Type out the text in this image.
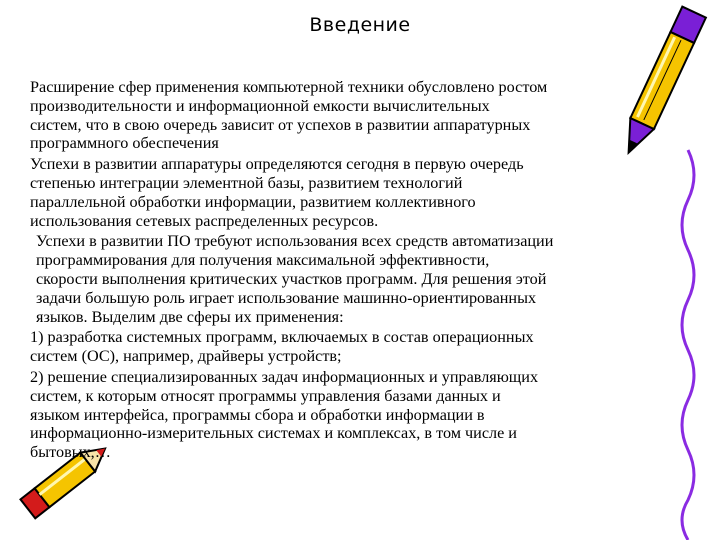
Введение

Расширение сфер применения компьютерной техники обусловлено ростом
производительности и информационной емкости вычислительных
систем, что в свою очередь зависит от успехов в развитии аппаратурных
программного обеспечения

Успехи в развитии аппаратуры определяются сегодня в первую очередь
степенью интеграции элементной базы, развитием технологий
параллельной обработки информации, развитием коллективного
использования сетевых распределенных ресурсов.

Успехи в развитии ПО требуют использования всех средств автоматизации
программирования для получения максимальной эффективности,
скорости выполнения критических участков программ. Для решения этой
задачи большую роль играет использование машинно-ориентированных
языков. Выделим две сферы их применения:

1) разработка системных программ, включаемых в состав операционных
систем (ОС), например, драйверы устройств;

2) решение специализированных задач информационных и управляющих
систем, к которым относят программы управления базами данных и
языком интерфейса, программы сбора и обработки информации в
информационно-измерительных системах и комплексах, в том числе и
бытовых,…
